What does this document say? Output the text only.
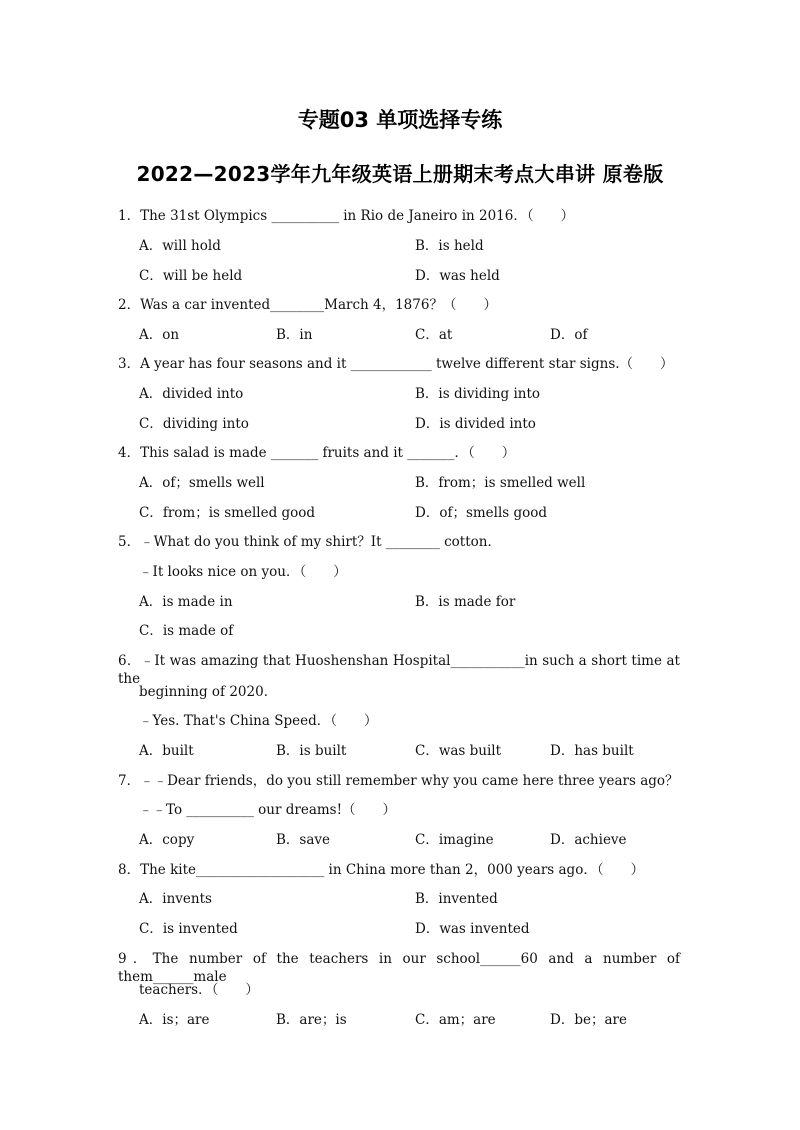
专题03 单项选择专练
2022—2023学年九年级英语上册期末考点大串讲 原卷版
1．The 31st Olympics __________ in Rio de Janeiro in 2016．（　　）
A．will hold	B．is held
C．will be held	D．was held
2．Was a car invented________March 4，1876？（　　）
A．on	B．in	C．at	D．of
3．A year has four seasons and it ____________ twelve different star signs.（　　）
A．divided into	B．is dividing into
C．dividing into	D．is divided into
4．This salad is made _______ fruits and it _______．（　　）
A．of；smells well	B．from；is smelled well
C．from；is smelled good	D．of；smells good
5．﹣What do you think of my shirt？It ________ cotton．
﹣It looks nice on you．（　　）
A．is made in	B．is made for
C．is made of
6．﹣It was amazing that Huoshenshan Hospital___________in such a short time at the
beginning of 2020．
﹣Yes. That's China Speed．（　　）
A．built	B．is built	C．was built	D．has built
7．﹣﹣Dear friends，do you still remember why you came here three years ago？
﹣﹣To __________ our dreams!（　　）
A．copy	B．save	C．imagine	D．achieve
8．The kite___________________ in China more than 2，000 years ago．（　　）
A．invents	B．invented
C．is invented	D．was invented
9．The number of the teachers in our school______60 and a number of them______male
teachers．（　　）
A．is；are	B．are；is	C．am；are	D．be；are
